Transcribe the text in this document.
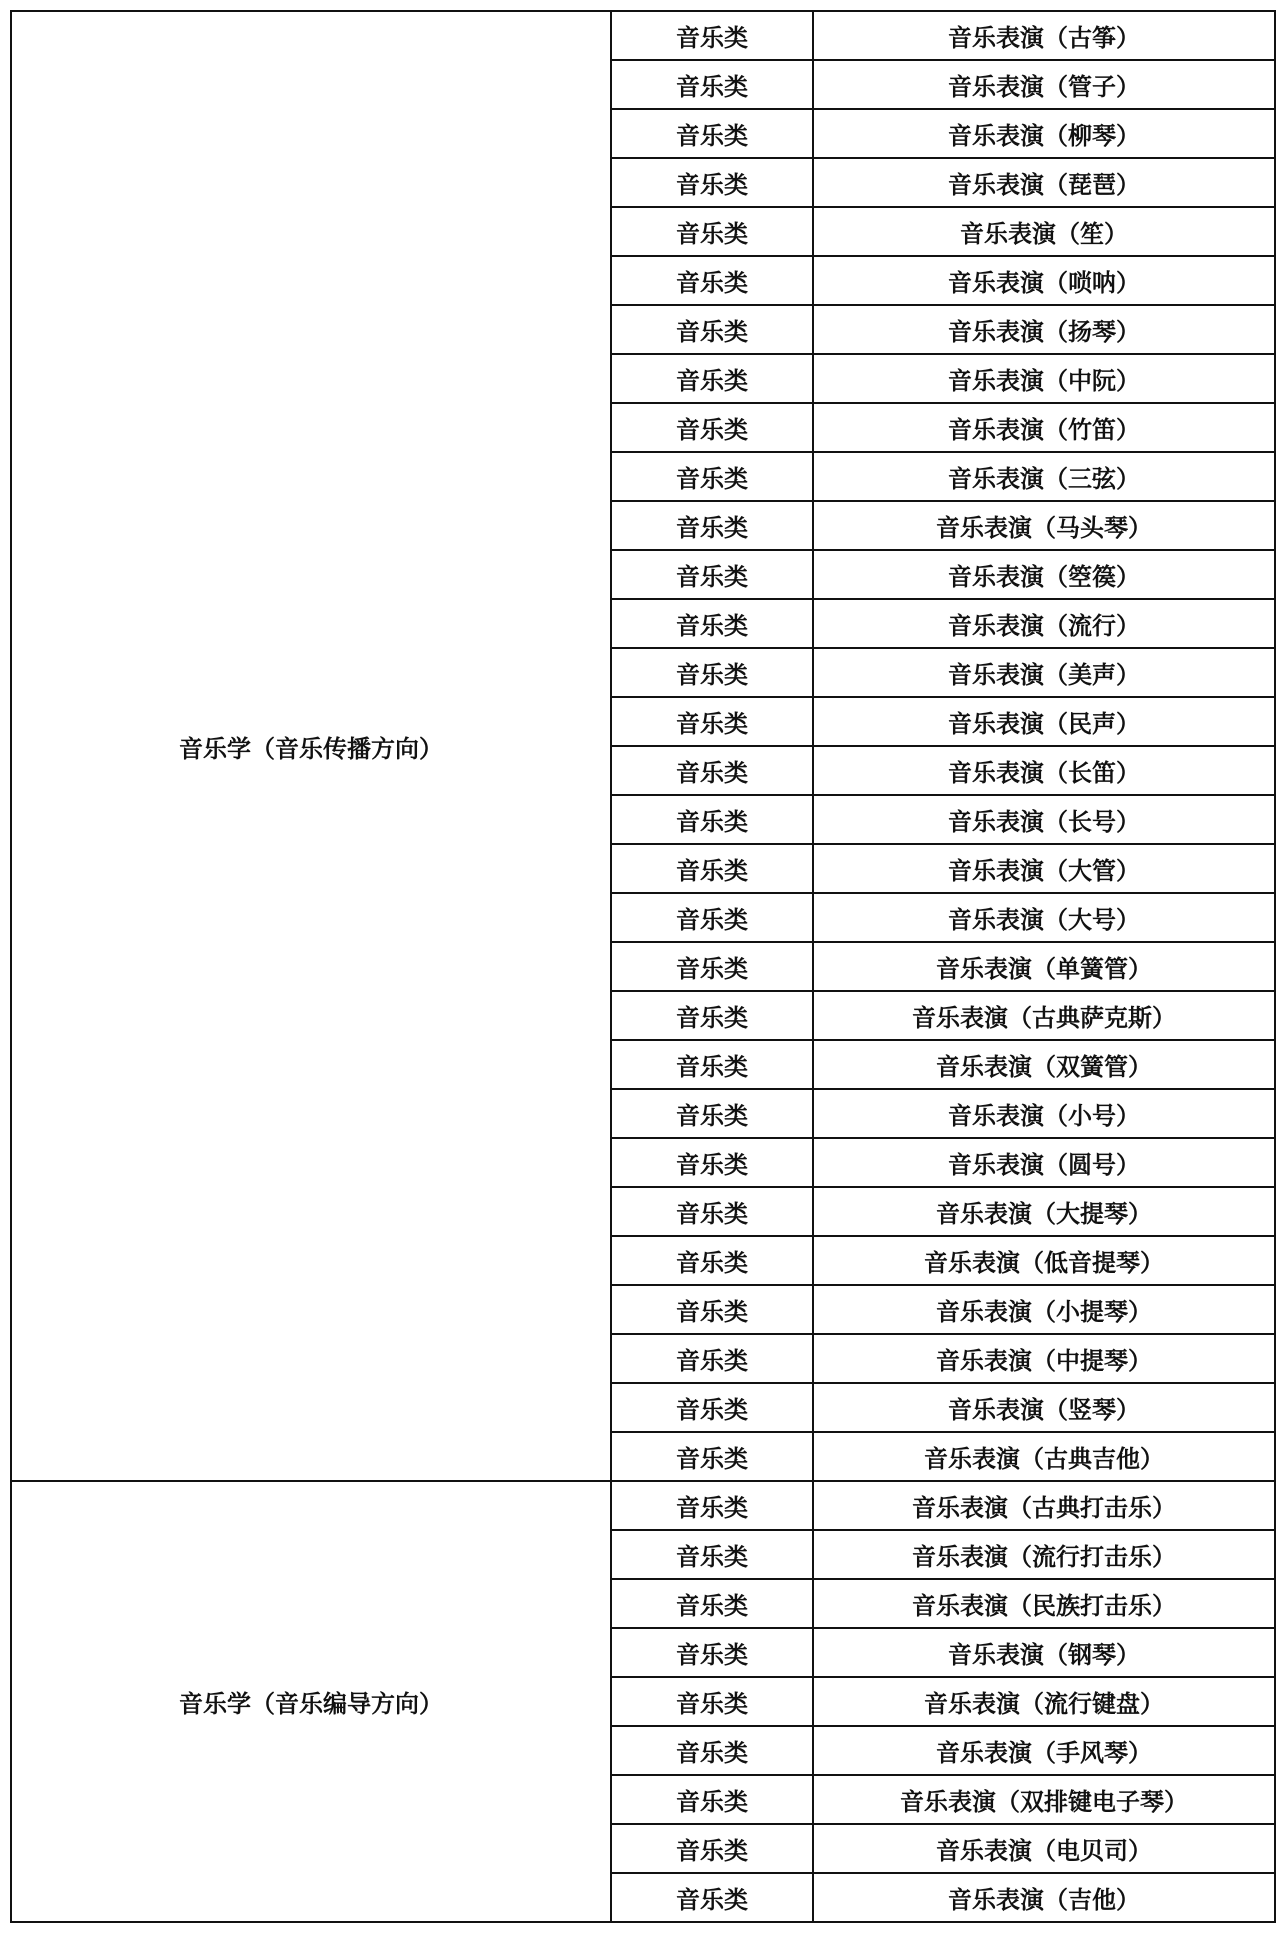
音乐学（音乐传播方向）	音乐类	音乐表演（古筝）
	音乐类	音乐表演（管子）
	音乐类	音乐表演（柳琴）
	音乐类	音乐表演（琵琶）
	音乐类	音乐表演（笙）
	音乐类	音乐表演（唢呐）
	音乐类	音乐表演（扬琴）
	音乐类	音乐表演（中阮）
	音乐类	音乐表演（竹笛）
	音乐类	音乐表演（三弦）
	音乐类	音乐表演（马头琴）
	音乐类	音乐表演（箜篌）
	音乐类	音乐表演（流行）
	音乐类	音乐表演（美声）
	音乐类	音乐表演（民声）
	音乐类	音乐表演（长笛）
	音乐类	音乐表演（长号）
	音乐类	音乐表演（大管）
	音乐类	音乐表演（大号）
	音乐类	音乐表演（单簧管）
	音乐类	音乐表演（古典萨克斯）
	音乐类	音乐表演（双簧管）
	音乐类	音乐表演（小号）
	音乐类	音乐表演（圆号）
	音乐类	音乐表演（大提琴）
	音乐类	音乐表演（低音提琴）
	音乐类	音乐表演（小提琴）
	音乐类	音乐表演（中提琴）
	音乐类	音乐表演（竖琴）
	音乐类	音乐表演（古典吉他）
音乐学（音乐编导方向）	音乐类	音乐表演（古典打击乐）
	音乐类	音乐表演（流行打击乐）
	音乐类	音乐表演（民族打击乐）
	音乐类	音乐表演（钢琴）
	音乐类	音乐表演（流行键盘）
	音乐类	音乐表演（手风琴）
	音乐类	音乐表演（双排键电子琴）
	音乐类	音乐表演（电贝司）
	音乐类	音乐表演（吉他）
